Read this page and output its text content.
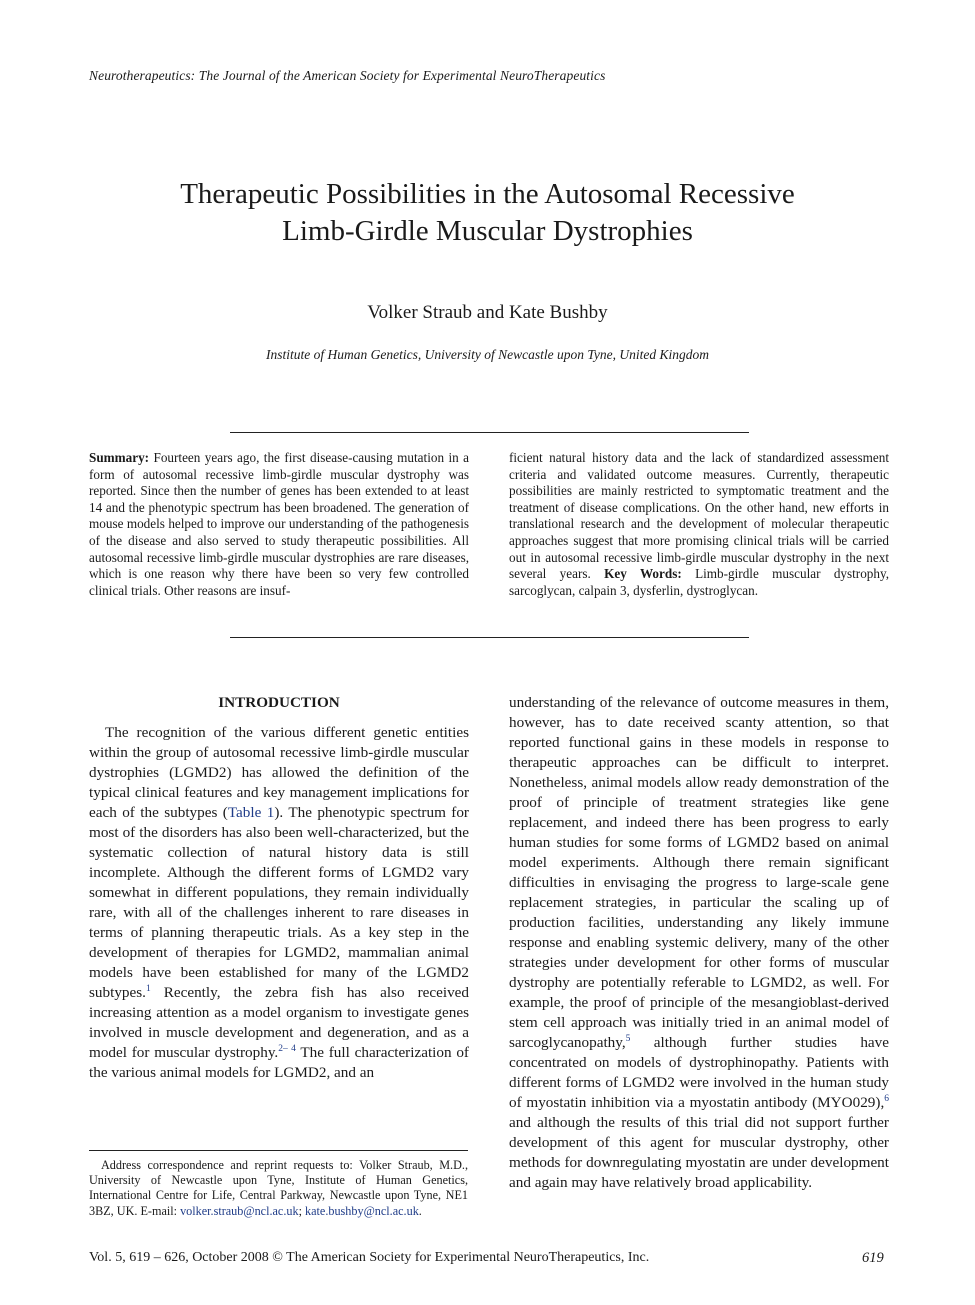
Neurotherapeutics: The Journal of the American Society for Experimental NeuroTherapeutics
Therapeutic Possibilities in the Autosomal Recessive
Limb-Girdle Muscular Dystrophies
Volker Straub and Kate Bushby
Institute of Human Genetics, University of Newcastle upon Tyne, United Kingdom
Summary: Fourteen years ago, the first disease-causing mutation in a form of autosomal recessive limb-girdle muscular dystrophy was reported. Since then the number of genes has been extended to at least 14 and the phenotypic spectrum has been broadened. The generation of mouse models helped to improve our understanding of the pathogenesis of the disease and also served to study therapeutic possibilities. All autosomal recessive limb-girdle muscular dystrophies are rare diseases, which is one reason why there have been so very few controlled clinical trials. Other reasons are insuf-
ficient natural history data and the lack of standardized assessment criteria and validated outcome measures. Currently, therapeutic possibilities are mainly restricted to symptomatic treatment and the treatment of disease complications. On the other hand, new efforts in translational research and the development of molecular therapeutic approaches suggest that more promising clinical trials will be carried out in autosomal recessive limb-girdle muscular dystrophy in the next several years. Key Words: Limb-girdle muscular dystrophy, sarcoglycan, calpain 3, dysferlin, dystroglycan.
INTRODUCTION

The recognition of the various different genetic entities within the group of autosomal recessive limb-girdle muscular dystrophies (LGMD2) has allowed the definition of the typical clinical features and key management implications for each of the subtypes (Table 1). The phenotypic spectrum for most of the disorders has also been well-characterized, but the systematic collection of natural history data is still incomplete. Although the different forms of LGMD2 vary somewhat in different populations, they remain individually rare, with all of the challenges inherent to rare diseases in terms of planning therapeutic trials. As a key step in the development of therapies for LGMD2, mammalian animal models have been established for many of the LGMD2 subtypes.$^1$ Recently, the zebra fish has also received increasing attention as a model organism to investigate genes involved in muscle development and degeneration, and as a model for muscular dystrophy.$^{2- 4}$ The full characterization of the various animal models for LGMD2, and an

understanding of the relevance of outcome measures in them, however, has to date received scanty attention, so that reported functional gains in these models in response to therapeutic approaches can be difficult to interpret. Nonetheless, animal models allow ready demonstration of the proof of principle of treatment strategies like gene replacement, and indeed there has been progress to early human studies for some forms of LGMD2 based on animal model experiments. Although there remain significant difficulties in envisaging the progress to large-scale gene replacement strategies, in particular the scaling up of production facilities, understanding any likely immune response and enabling systemic delivery, many of the other strategies under development for other forms of muscular dystrophy are potentially referable to LGMD2, as well. For example, the proof of principle of the mesangioblast-derived stem cell approach was initially tried in an animal model of sarcoglycanopathy,$^5$ although further studies have concentrated on models of dystrophinopathy. Patients with different forms of LGMD2 were involved in the human study of myostatin inhibition via a myostatin antibody (MYO029),$^6$ and although the results of this trial did not support further development of this agent for muscular dystrophy, other methods for downregulating myostatin are under development and again may have relatively broad applicability.

Address correspondence and reprint requests to: Volker Straub, M.D., University of Newcastle upon Tyne, Institute of Human Genetics, International Centre for Life, Central Parkway, Newcastle upon Tyne, NE1 3BZ, UK. E-mail: volker.straub@ncl.ac.uk; kate.bushby@ncl.ac.uk.
Vol. 5, 619 – 626, October 2008 © The American Society for Experimental NeuroTherapeutics, Inc.	619
